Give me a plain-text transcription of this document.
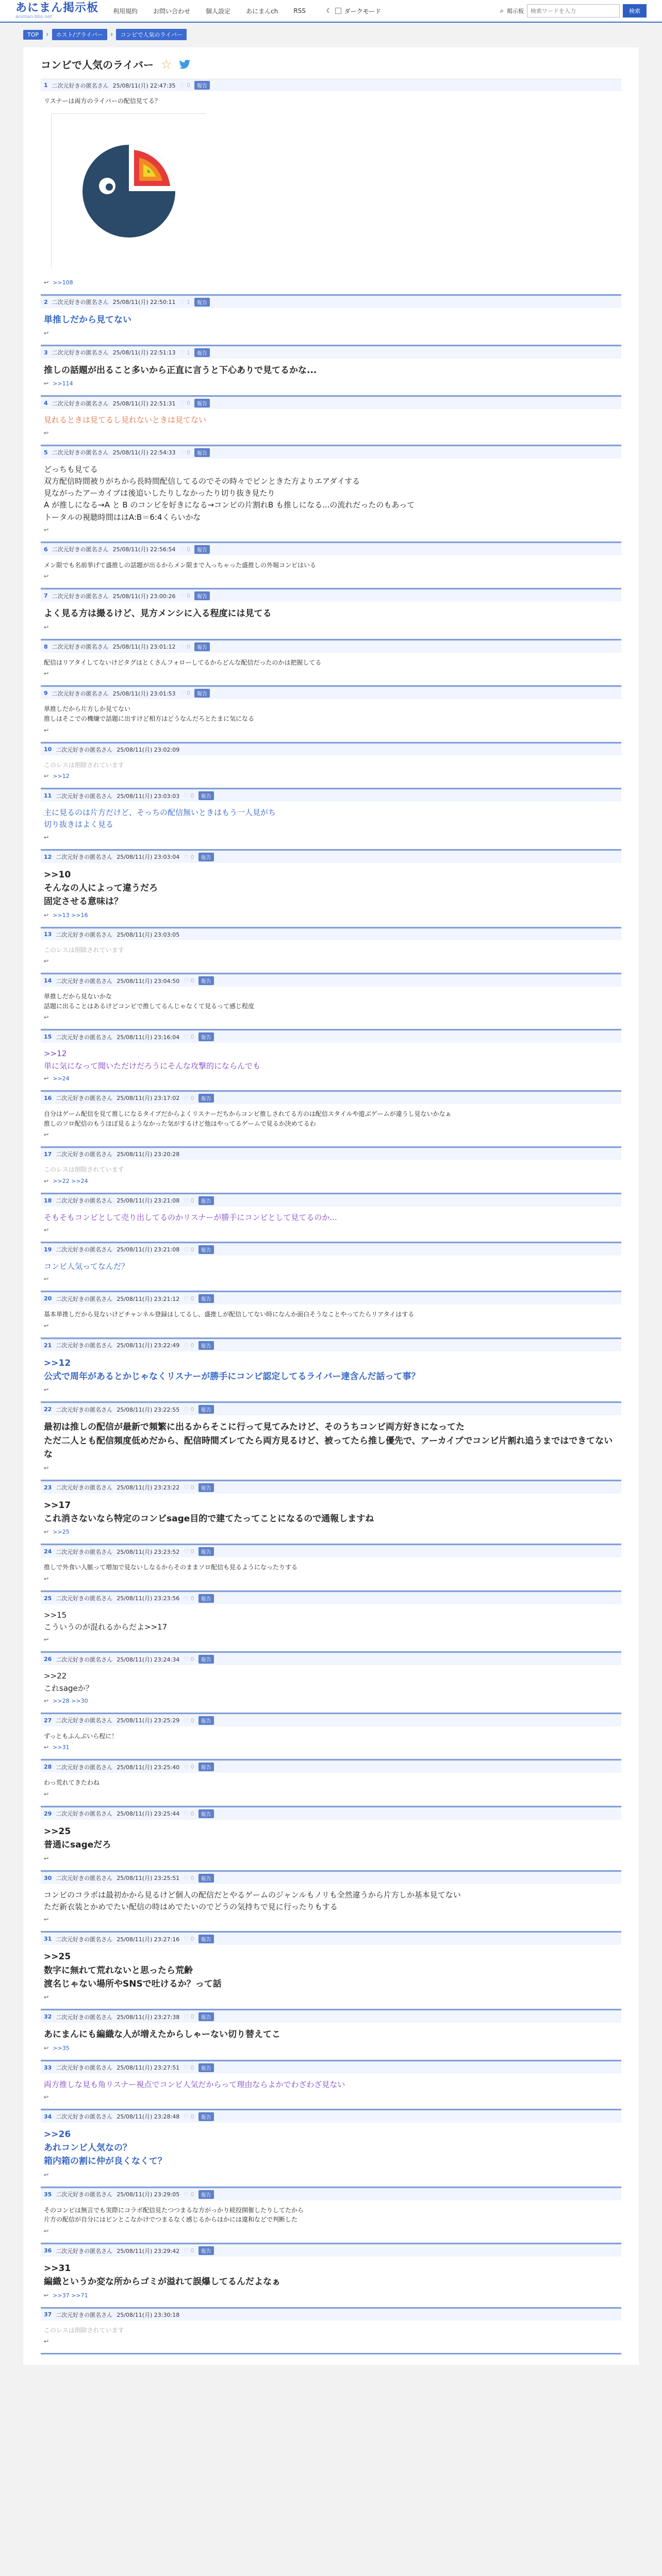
あにまん掲示板
animan-bbs.net
利用規約	お問い合わせ	個人設定	あにまんch	RSS	☾ ダークモード	⌕ 掲示板
検索ワードを入力	検索
TOP	›	ホスト/プライバー	›	コンビで人気のライバー
コンビで人気のライバー ☆
1 二次元好きの匿名さん 25/08/11(月) 22:47:35 ♡ 0	報告
リスナーは両方のライバーの配信見てる？
↩ >>108
2 二次元好きの匿名さん 25/08/11(月) 22:50:11 ♡ 1	報告
単推しだから見てない
↩
3 二次元好きの匿名さん 25/08/11(月) 22:51:13 ♡ 1	報告
推しの話題が出ること多いから正直に言うと下心ありで見てるかな...
↩ >>114
4 二次元好きの匿名さん 25/08/11(月) 22:51:31 ♡ 0	報告
見れるときは見てるし見れないときは見てない
↩
5 二次元好きの匿名さん 25/08/11(月) 22:54:33 ♡ 0	報告
どっちも見てる
双方配信時間被りがちから長時間配信してるのでその時々でピンときた方よりエアダイする
見ながったアーカイブは後追いしたりしなかったり切り抜き見たり
A が推しになる→A と B のコンビを好きになる→コンビの片割れB も推しになる...の流れだったのもあって
トータルの視聴時間ははA:B＝6:4くらいかな
↩
6 二次元好きの匿名さん 25/08/11(月) 22:56:54 ♡ 0	報告
メン限でも名前挙げて盛推しの話題が出るからメン限まで入っちゃった盛推しの外堀コンビはいる
↩
7 二次元好きの匿名さん 25/08/11(月) 23:00:26 ♡ 0	報告
よく見る方は撮るけど、見方メンシに入る程度には見てる
↩
8 二次元好きの匿名さん 25/08/11(月) 23:01:12 ♡ 0	報告
配信はリアタイしてないけどタグはとくさんフォローしてるからどんな配信だったのかは把握してる
↩
9 二次元好きの匿名さん 25/08/11(月) 23:01:53 ♡ 0	報告
単推しだから片方しか見てない
推しはそこでの機嫌で話題に出すけど相方はどうなんだろとたまに気になる
↩
10 二次元好きの匿名さん 25/08/11(月) 23:02:09
このレスは削除されています
↩ >>12
11 二次元好きの匿名さん 25/08/11(月) 23:03:03 ♡ 0	報告
主に見るのは片方だけど、そっちの配信無いときはもう一人見がち
切り抜きはよく見る
↩
12 二次元好きの匿名さん 25/08/11(月) 23:03:04 ♡ 0	報告
>>10
そんなの人によって違うだろ
固定させる意味は？
↩ >>13 >>16
13 二次元好きの匿名さん 25/08/11(月) 23:03:05
このレスは削除されています
↩
14 二次元好きの匿名さん 25/08/11(月) 23:04:50 ♡ 0	報告
単推しだから見ないかな
話題に出ることはあるけどコンビで推してるんじゃなくて見るって感じ程度
↩
15 二次元好きの匿名さん 25/08/11(月) 23:16:04 ♡ 0	報告
>>12
単に気になって聞いただけだろうにそんな攻撃的にならんでも
↩ >>24
16 二次元好きの匿名さん 25/08/11(月) 23:17:02 ♡ 0	報告
自分はゲーム配信を見て推しになるタイプだからよくリスナーだちからコンビ推しされてる方のは配信スタイルや遊ぶゲームが違うし見ないかなぁ
推しのソロ配信のもうほぼ見るようなかった気がするけど他はやってるゲームで見るか決めてるわ
↩
17 二次元好きの匿名さん 25/08/11(月) 23:20:28
このレスは削除されています
↩ >>22 >>24
18 二次元好きの匿名さん 25/08/11(月) 23:21:08 ♡ 0	報告
そもそもコンビとして売り出してるのかリスナーが勝手にコンビとして見てるのか...
↩
19 二次元好きの匿名さん 25/08/11(月) 23:21:08 ♡ 0	報告
コンビ人気ってなんだ？
↩
20 二次元好きの匿名さん 25/08/11(月) 23:21:12 ♡ 0	報告
基本単推しだから見ないけどチャンネル登録はしてるし、盛推しが配信してない時になんか面白そうなことやってたらリアタイはする
↩
21 二次元好きの匿名さん 25/08/11(月) 23:22:49 ♡ 0	報告
>>12
公式で周年があるとかじゃなくリスナーが勝手にコンビ認定してるライバー達含んだ話って事？
↩
22 二次元好きの匿名さん 25/08/11(月) 23:22:55 ♡ 0	報告
最初は推しの配信が最新で頻繁に出るからそこに行って見てみたけど、そのうちコンビ両方好きになってた
ただ二人とも配信頻度低めだから、配信時間ズレてたら両方見るけど、被ってたら推し優先で、アーカイブでコンビ片割れ追うまではできてないな
↩
23 二次元好きの匿名さん 25/08/11(月) 23:23:22 ♡ 0	報告
>>17
これ消さないなら特定のコンビsage目的で建てたってことになるので通報しますね
↩ >>25
24 二次元好きの匿名さん 25/08/11(月) 23:23:52 ♡ 0	報告
推しで外食い人脈って増加で見ないしなるからそのままソロ配信も見るようになったりする
↩
25 二次元好きの匿名さん 25/08/11(月) 23:23:56 ♡ 0	報告
>>15
こういうのが混れるからだよ>>17
↩
26 二次元好きの匿名さん 25/08/11(月) 23:24:34 ♡ 0	報告
>>22
これsageか？
↩ >>28 >>30
27 二次元好きの匿名さん 25/08/11(月) 23:25:29 ♡ 0	報告
ずっともふんぶいら程に！
↩ >>31
28 二次元好きの匿名さん 25/08/11(月) 23:25:40 ♡ 0	報告
わっ荒れてきたわね
↩
29 二次元好きの匿名さん 25/08/11(月) 23:25:44 ♡ 0	報告
>>25
普通にsageだろ
↩
30 二次元好きの匿名さん 25/08/11(月) 23:25:51 ♡ 0	報告
コンビのコラボは最初かから見るけど個人の配信だとやるゲームのジャンルもノリも全然違うから片方しか基本見てない
ただ新衣装とかめでたい配信の時はめでたいのでどうの気持ちで見に行ったりもする
↩
31 二次元好きの匿名さん 25/08/11(月) 23:27:16 ♡ 0	報告
>>25
数字に無れて荒れないと思ったら荒齢
渡名じゃない場所やSNSで吐けるか？って話
↩
32 二次元好きの匿名さん 25/08/11(月) 23:27:38 ♡ 0	報告
あにまんにも編織な人が増えたからしゃーない切り替えてこ
↩ >>35
33 二次元好きの匿名さん 25/08/11(月) 23:27:51 ♡ 0	報告
両方推しな見も角リスナー視点でコンビ人気だからって理由ならよかでわざわざ見ない
↩
34 二次元好きの匿名さん 25/08/11(月) 23:28:48 ♡ 0	報告
>>26
あれコンビ人気なの？
箱内箱の割に仲が良くなくて？
↩
35 二次元好きの匿名さん 25/08/11(月) 23:29:05 ♡ 0	報告
そのコンビは無言でも実際にコラボ配信見たつつまるな方がっかり続投開催したりしてたから
片方の配信が自分にはピンとこなかけでつまるなく感じるからほかには違和などで判断した
↩
36 二次元好きの匿名さん 25/08/11(月) 23:29:42 ♡ 0	報告
>>31
編織というか変な所からゴミが溢れて誤爆してるんだよなぁ
↩ >>37 >>71
37 二次元好きの匿名さん 25/08/11(月) 23:30:18
このレスは削除されています
↩
